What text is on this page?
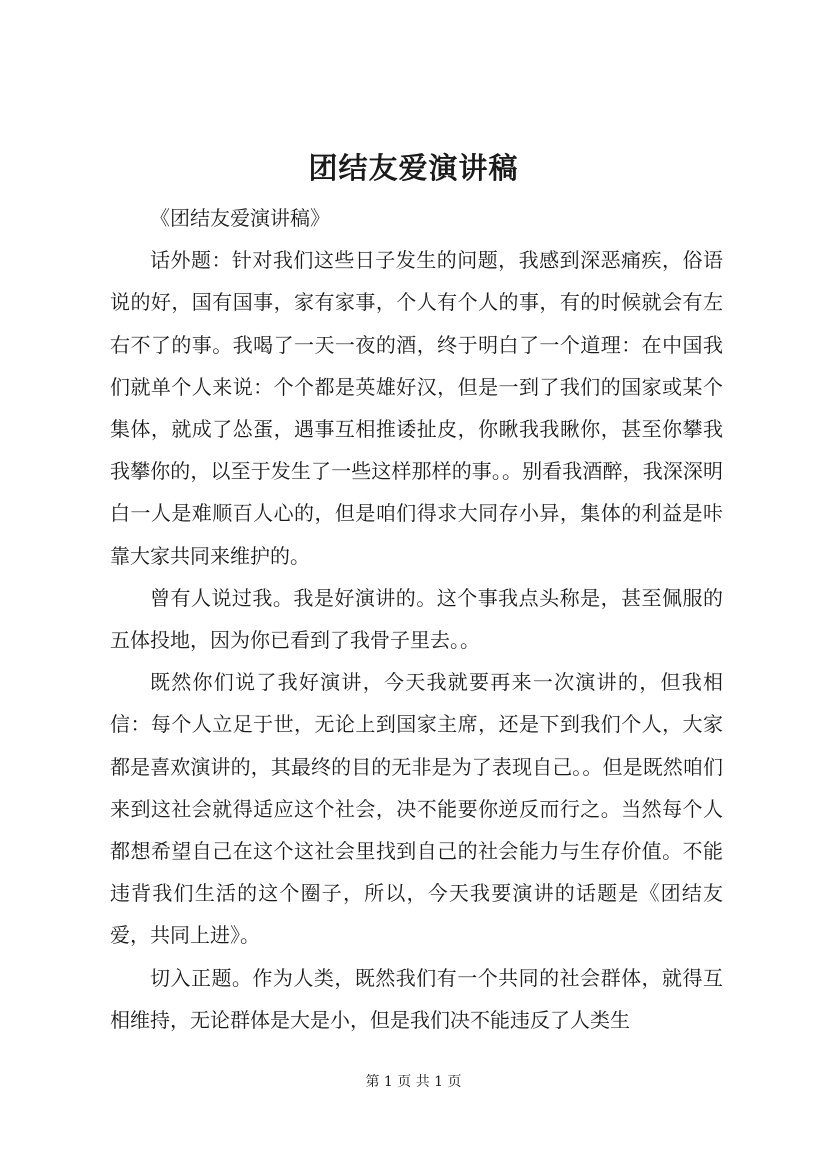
团结友爱演讲稿

《团结友爱演讲稿》

话外题：针对我们这些日子发生的问题，我感到深恶痛疾，俗语说的好，国有国事，家有家事，个人有个人的事，有的时候就会有左右不了的事。我喝了一天一夜的酒，终于明白了一个道理：在中国我们就单个人来说：个个都是英雄好汉，但是一到了我们的国家或某个集体，就成了怂蛋，遇事互相推诿扯皮，你瞅我我瞅你，甚至你攀我我攀你的，以至于发生了一些这样那样的事。。别看我酒醉，我深深明白一人是难顺百人心的，但是咱们得求大同存小异，集体的利益是咔靠大家共同来维护的。

曾有人说过我。我是好演讲的。这个事我点头称是，甚至佩服的五体投地，因为你已看到了我骨子里去。。

既然你们说了我好演讲，今天我就要再来一次演讲的，但我相信：每个人立足于世，无论上到国家主席，还是下到我们个人，大家都是喜欢演讲的，其最终的目的无非是为了表现自己。。但是既然咱们来到这社会就得适应这个社会，决不能要你逆反而行之。当然每个人都想希望自己在这个这社会里找到自己的社会能力与生存价值。不能违背我们生活的这个圈子，所以，今天我要演讲的话题是《团结友爱，共同上进》。

切入正题。作为人类，既然我们有一个共同的社会群体，就得互相维持，无论群体是大是小，但是我们决不能违反了人类生

第 1 页 共 1 页
